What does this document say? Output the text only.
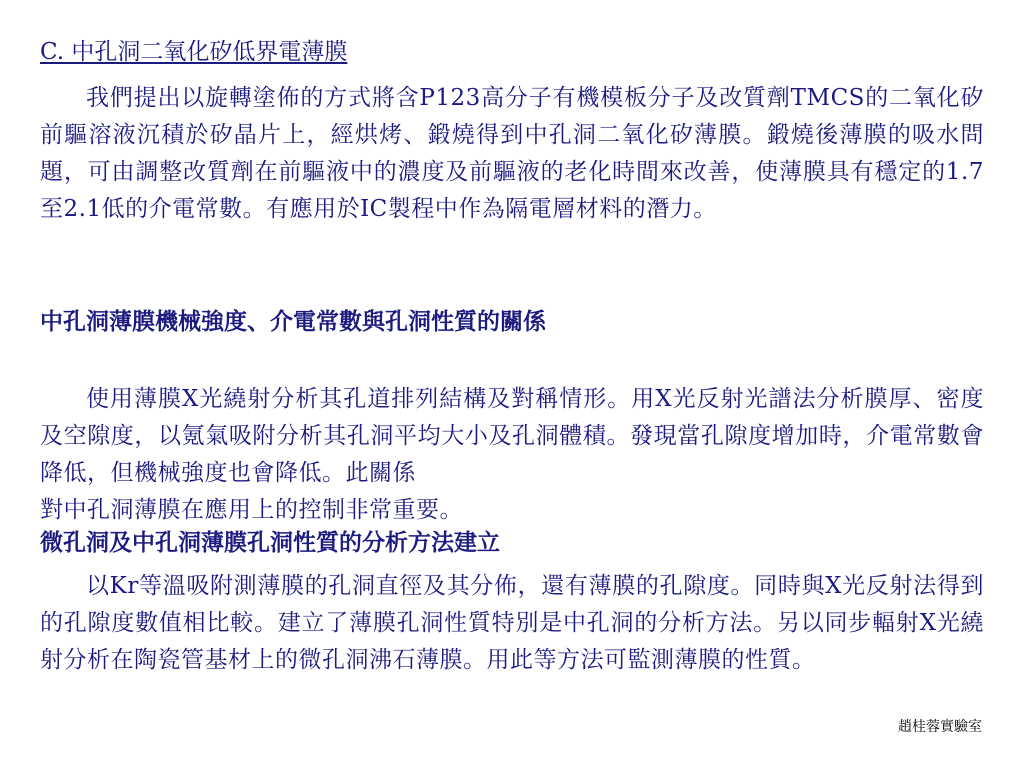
C. 中孔洞二氧化矽低界電薄膜

我們提出以旋轉塗佈的方式將含P123高分子有機模板分子及改質劑TMCS的二氧化矽前驅溶液沉積於矽晶片上，經烘烤、鍛燒得到中孔洞二氧化矽薄膜。鍛燒後薄膜的吸水問題，可由調整改質劑在前驅液中的濃度及前驅液的老化時間來改善，使薄膜具有穩定的1.7至2.1低的介電常數。有應用於IC製程中作為隔電層材料的潛力。

中孔洞薄膜機械強度、介電常數與孔洞性質的關係

使用薄膜X光繞射分析其孔道排列結構及對稱情形。用X光反射光譜法分析膜厚、密度及空隙度，以氪氣吸附分析其孔洞平均大小及孔洞體積。發現當孔隙度增加時，介電常數會降低，但機械強度也會降低。此關係

對中孔洞薄膜在應用上的控制非常重要。

微孔洞及中孔洞薄膜孔洞性質的分析方法建立

以Kr等溫吸附測薄膜的孔洞直徑及其分佈，還有薄膜的孔隙度。同時與X光反射法得到的孔隙度數值相比較。建立了薄膜孔洞性質特別是中孔洞的分析方法。另以同步輻射X光繞射分析在陶瓷管基材上的微孔洞沸石薄膜。用此等方法可監測薄膜的性質。

趙桂蓉實驗室
